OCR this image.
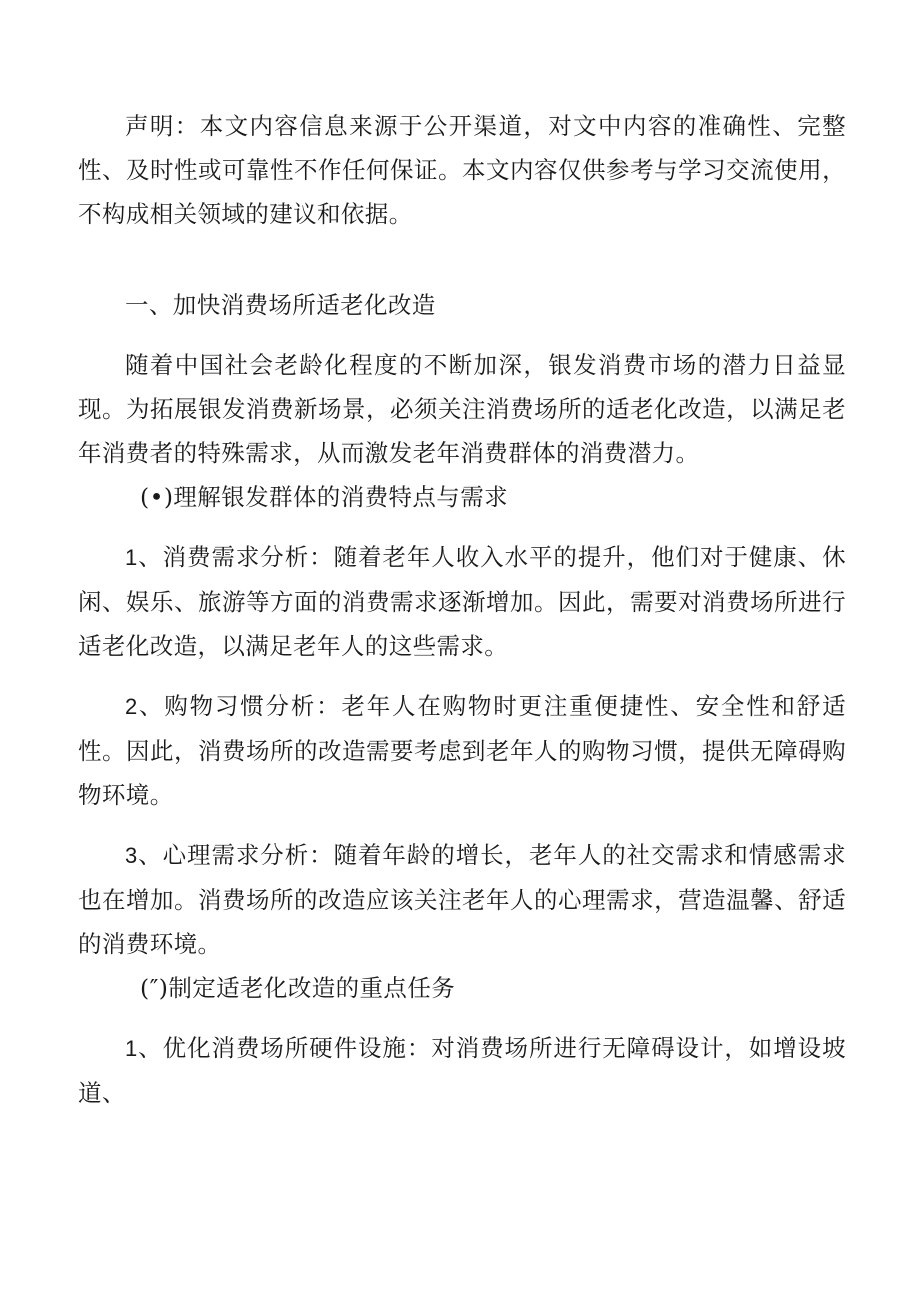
声明：本文内容信息来源于公开渠道，对文中内容的准确性、完整性、及时性或可靠性不作任何保证。本文内容仅供参考与学习交流使用，不构成相关领域的建议和依据。

一、加快消费场所适老化改造

随着中国社会老龄化程度的不断加深，银发消费市场的潜力日益显现。为拓展银发消费新场景，必须关注消费场所的适老化改造，以满足老年消费者的特殊需求，从而激发老年消费群体的消费潜力。

(•)理解银发群体的消费特点与需求

1、消费需求分析：随着老年人收入水平的提升，他们对于健康、休闲、娱乐、旅游等方面的消费需求逐渐增加。因此，需要对消费场所进行适老化改造，以满足老年人的这些需求。

2、购物习惯分析：老年人在购物时更注重便捷性、安全性和舒适性。因此，消费场所的改造需要考虑到老年人的购物习惯，提供无障碍购物环境。

3、心理需求分析：随着年龄的增长，老年人的社交需求和情感需求也在增加。消费场所的改造应该关注老年人的心理需求，营造温馨、舒适的消费环境。

(″)制定适老化改造的重点任务

1、优化消费场所硬件设施：对消费场所进行无障碍设计，如增设坡道、
